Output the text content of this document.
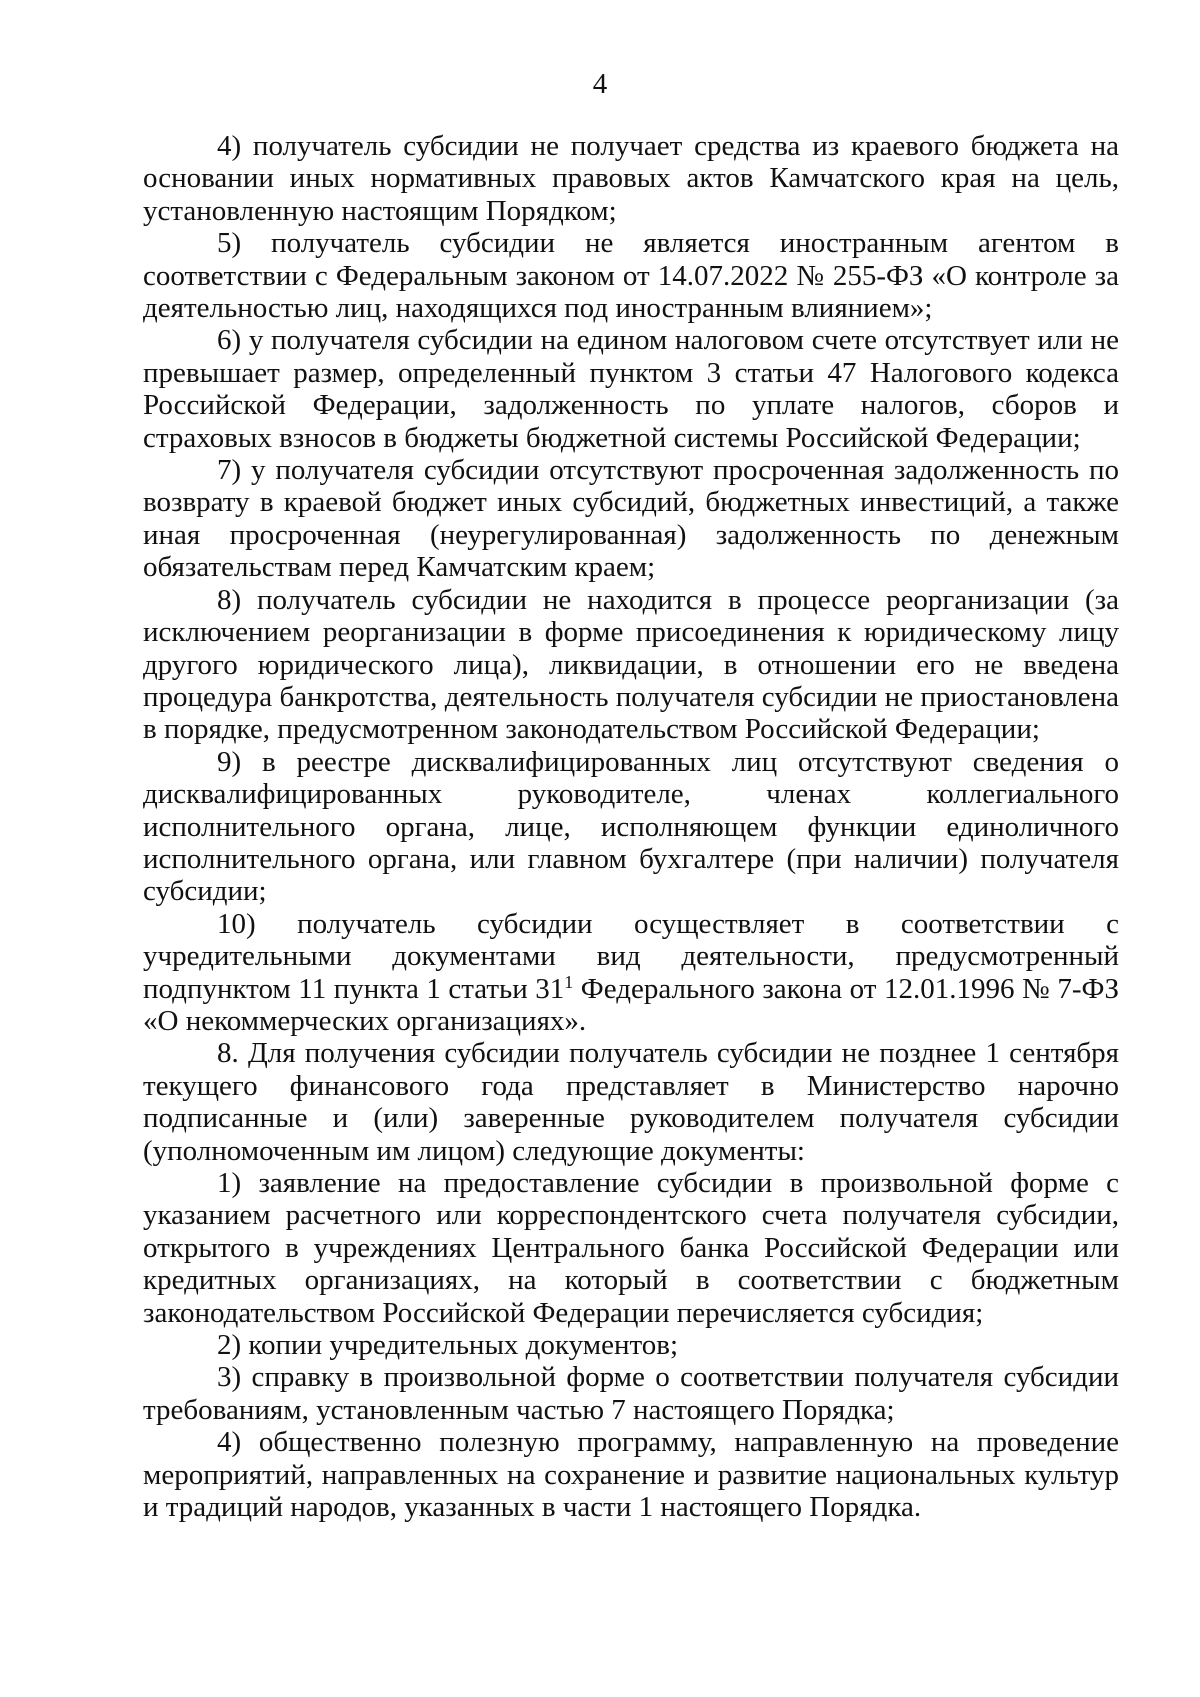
4

4) получатель субсидии не получает средства из краевого бюджета на основании иных нормативных правовых актов Камчатского края на цель, установленную настоящим Порядком;

5) получатель субсидии не является иностранным агентом в соответствии с Федеральным законом от 14.07.2022 № 255-ФЗ «О контроле за деятельностью лиц, находящихся под иностранным влиянием»;

6) у получателя субсидии на едином налоговом счете отсутствует или не превышает размер, определенный пунктом 3 статьи 47 Налогового кодекса Российской Федерации, задолженность по уплате налогов, сборов и страховых взносов в бюджеты бюджетной системы Российской Федерации;

7) у получателя субсидии отсутствуют просроченная задолженность по возврату в краевой бюджет иных субсидий, бюджетных инвестиций, а также иная просроченная (неурегулированная) задолженность по денежным обязательствам перед Камчатским краем;

8) получатель субсидии не находится в процессе реорганизации (за исключением реорганизации в форме присоединения к юридическому лицу другого юридического лица), ликвидации, в отношении его не введена процедура банкротства, деятельность получателя субсидии не приостановлена в порядке, предусмотренном законодательством Российской Федерации;

9) в реестре дисквалифицированных лиц отсутствуют сведения о дисквалифицированных руководителе, членах коллегиального исполнительного органа, лице, исполняющем функции единоличного исполнительного органа, или главном бухгалтере (при наличии) получателя субсидии;

10) получатель субсидии осуществляет в соответствии с учредительными документами вид деятельности, предусмотренный подпунктом 11 пункта 1 статьи $31^1$ Федерального закона от 12.01.1996 № 7-ФЗ «О некоммерческих организациях».

8. Для получения субсидии получатель субсидии не позднее 1 сентября текущего финансового года представляет в Министерство нарочно подписанные и (или) заверенные руководителем получателя субсидии (уполномоченным им лицом) следующие документы:

1) заявление на предоставление субсидии в произвольной форме с указанием расчетного или корреспондентского счета получателя субсидии, открытого в учреждениях Центрального банка Российской Федерации или кредитных организациях, на который в соответствии с бюджетным законодательством Российской Федерации перечисляется субсидия;

2) копии учредительных документов;

3) справку в произвольной форме о соответствии получателя субсидии требованиям, установленным частью 7 настоящего Порядка;

4) общественно полезную программу, направленную на проведение мероприятий, направленных на сохранение и развитие национальных культур и традиций народов, указанных в части 1 настоящего Порядка.
